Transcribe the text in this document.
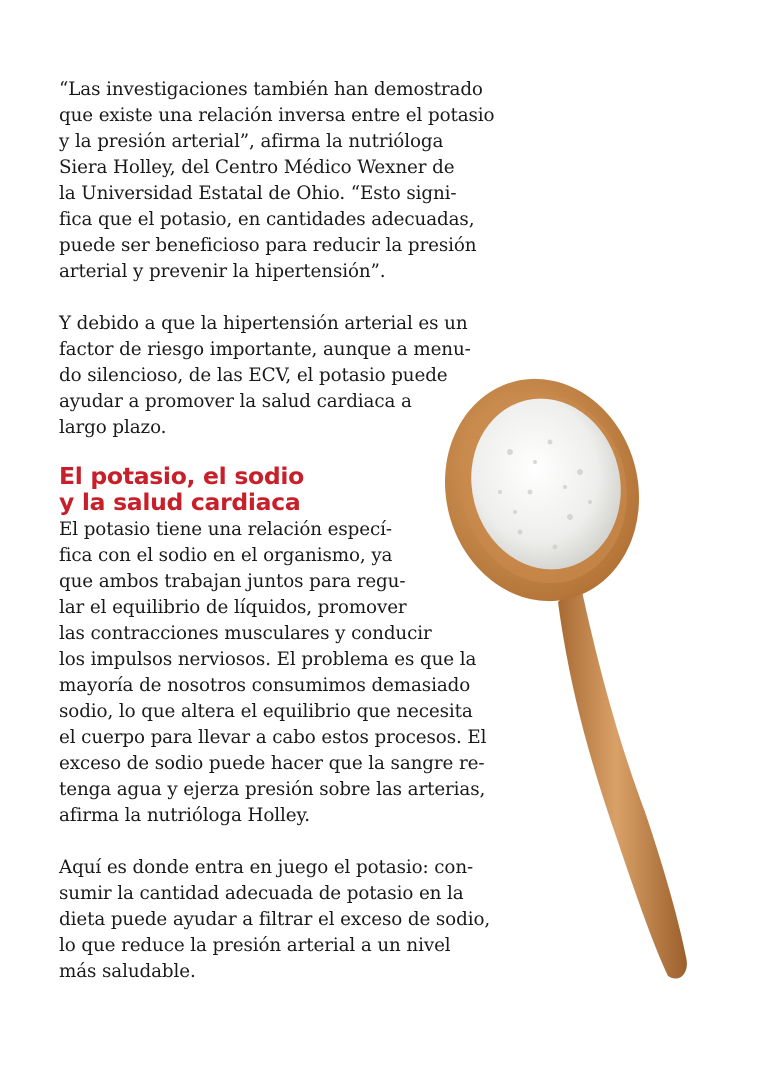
“Las investigaciones también han demostrado
que existe una relación inversa entre el potasio
y la presión arterial”, afirma la nutrióloga
Siera Holley, del Centro Médico Wexner de
la Universidad Estatal de Ohio. “Esto signi-
fica que el potasio, en cantidades adecuadas,
puede ser beneficioso para reducir la presión
arterial y prevenir la hipertensión”.
Y debido a que la hipertensión arterial es un
factor de riesgo importante, aunque a menu-
do silencioso, de las ECV, el potasio puede
ayudar a promover la salud cardiaca a
largo plazo.
El potasio, el sodio
y la salud cardiaca
El potasio tiene una relación especí-
fica con el sodio en el organismo, ya
que ambos trabajan juntos para regu-
lar el equilibrio de líquidos, promover
las contracciones musculares y conducir
los impulsos nerviosos. El problema es que la
mayoría de nosotros consumimos demasiado
sodio, lo que altera el equilibrio que necesita
el cuerpo para llevar a cabo estos procesos. El
exceso de sodio puede hacer que la sangre re-
tenga agua y ejerza presión sobre las arterias,
afirma la nutrióloga Holley.
Aquí es donde entra en juego el potasio: con-
sumir la cantidad adecuada de potasio en la
dieta puede ayudar a filtrar el exceso de sodio,
lo que reduce la presión arterial a un nivel
más saludable.
